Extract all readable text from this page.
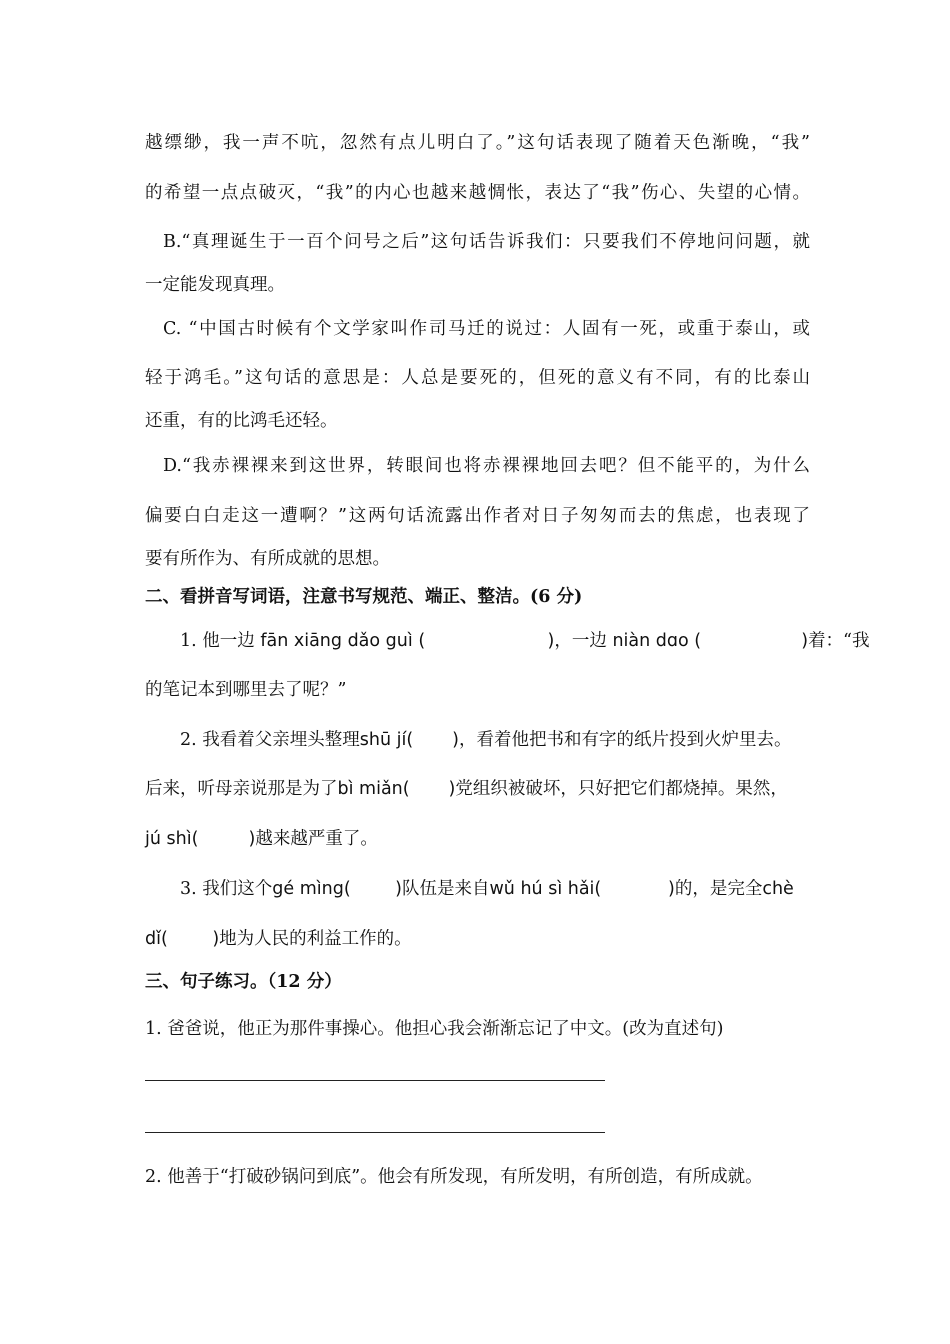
越缥缈，我一声不吭，忽然有点儿明白了。”这句话表现了随着天色渐晚，“我”
的希望一点点破灭，“我”的内心也越来越惆怅，表达了“我”伤心、失望的心情。
B.“真理诞生于一百个问号之后”这句话告诉我们：只要我们不停地问问题，就
一定能发现真理。
C. “中国古时候有个文学家叫作司马迁的说过：人固有一死，或重于泰山，或
轻于鸿毛。”这句话的意思是：人总是要死的，但死的意义有不同，有的比泰山
还重，有的比鸿毛还轻。
D.“我赤裸裸来到这世界，转眼间也将赤裸裸地回去吧？但不能平的，为什么
偏要白白走这一遭啊？”这两句话流露出作者对日子匆匆而去的焦虑，也表现了
要有所作为、有所成就的思想。
二、看拼音写词语，注意书写规范、端正、整洁。(6 分)
1. 他一边 fān xiāng dǎo guì (                      )，一边 niàn dɑo (                  )着：“我
的笔记本到哪里去了呢？”
2. 我看着父亲埋头整理shū jí(       )，看着他把书和有字的纸片投到火炉里去。
后来，听母亲说那是为了bì miǎn(       )党组织被破坏，只好把它们都烧掉。果然，
jú shì(         )越来越严重了。
3. 我们这个gé mìng(        )队伍是来自wǔ hú sì hǎi(            )的，是完全chè
dǐ(        )地为人民的利益工作的。
三、句子练习。（12 分）
1. 爸爸说，他正为那件事操心。他担心我会渐渐忘记了中文。(改为直述句)
2. 他善于“打破砂锅问到底”。他会有所发现，有所发明，有所创造，有所成就。
